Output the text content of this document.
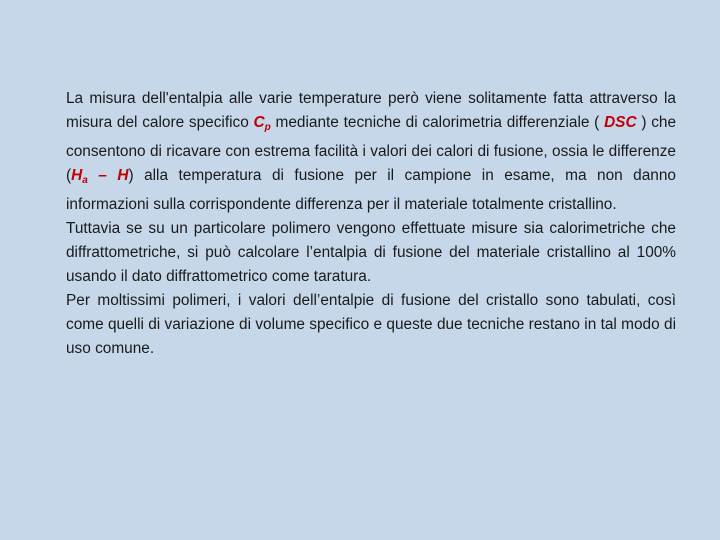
La misura dell'entalpia alle varie temperature però viene solitamente fatta attraverso la misura del calore specifico $C_p$ mediante tecniche di calorimetria differenziale ( DSC ) che consentono di ricavare con estrema facilità i valori dei calori di fusione, ossia le differenze $(H_a - H)$ alla temperatura di fusione per il campione in esame, ma non danno informazioni sulla corrispondente differenza per il materiale totalmente cristallino.

Tuttavia se su un particolare polimero vengono effettuate misure sia calorimetriche che diffrattometriche, si può calcolare l’entalpia di fusione del materiale cristallino al 100% usando il dato diffrattometrico come taratura.

Per moltissimi polimeri, i valori dell’entalpie di fusione del cristallo sono tabulati, così come quelli di variazione di volume specifico e queste due tecniche restano in tal modo di uso comune.
